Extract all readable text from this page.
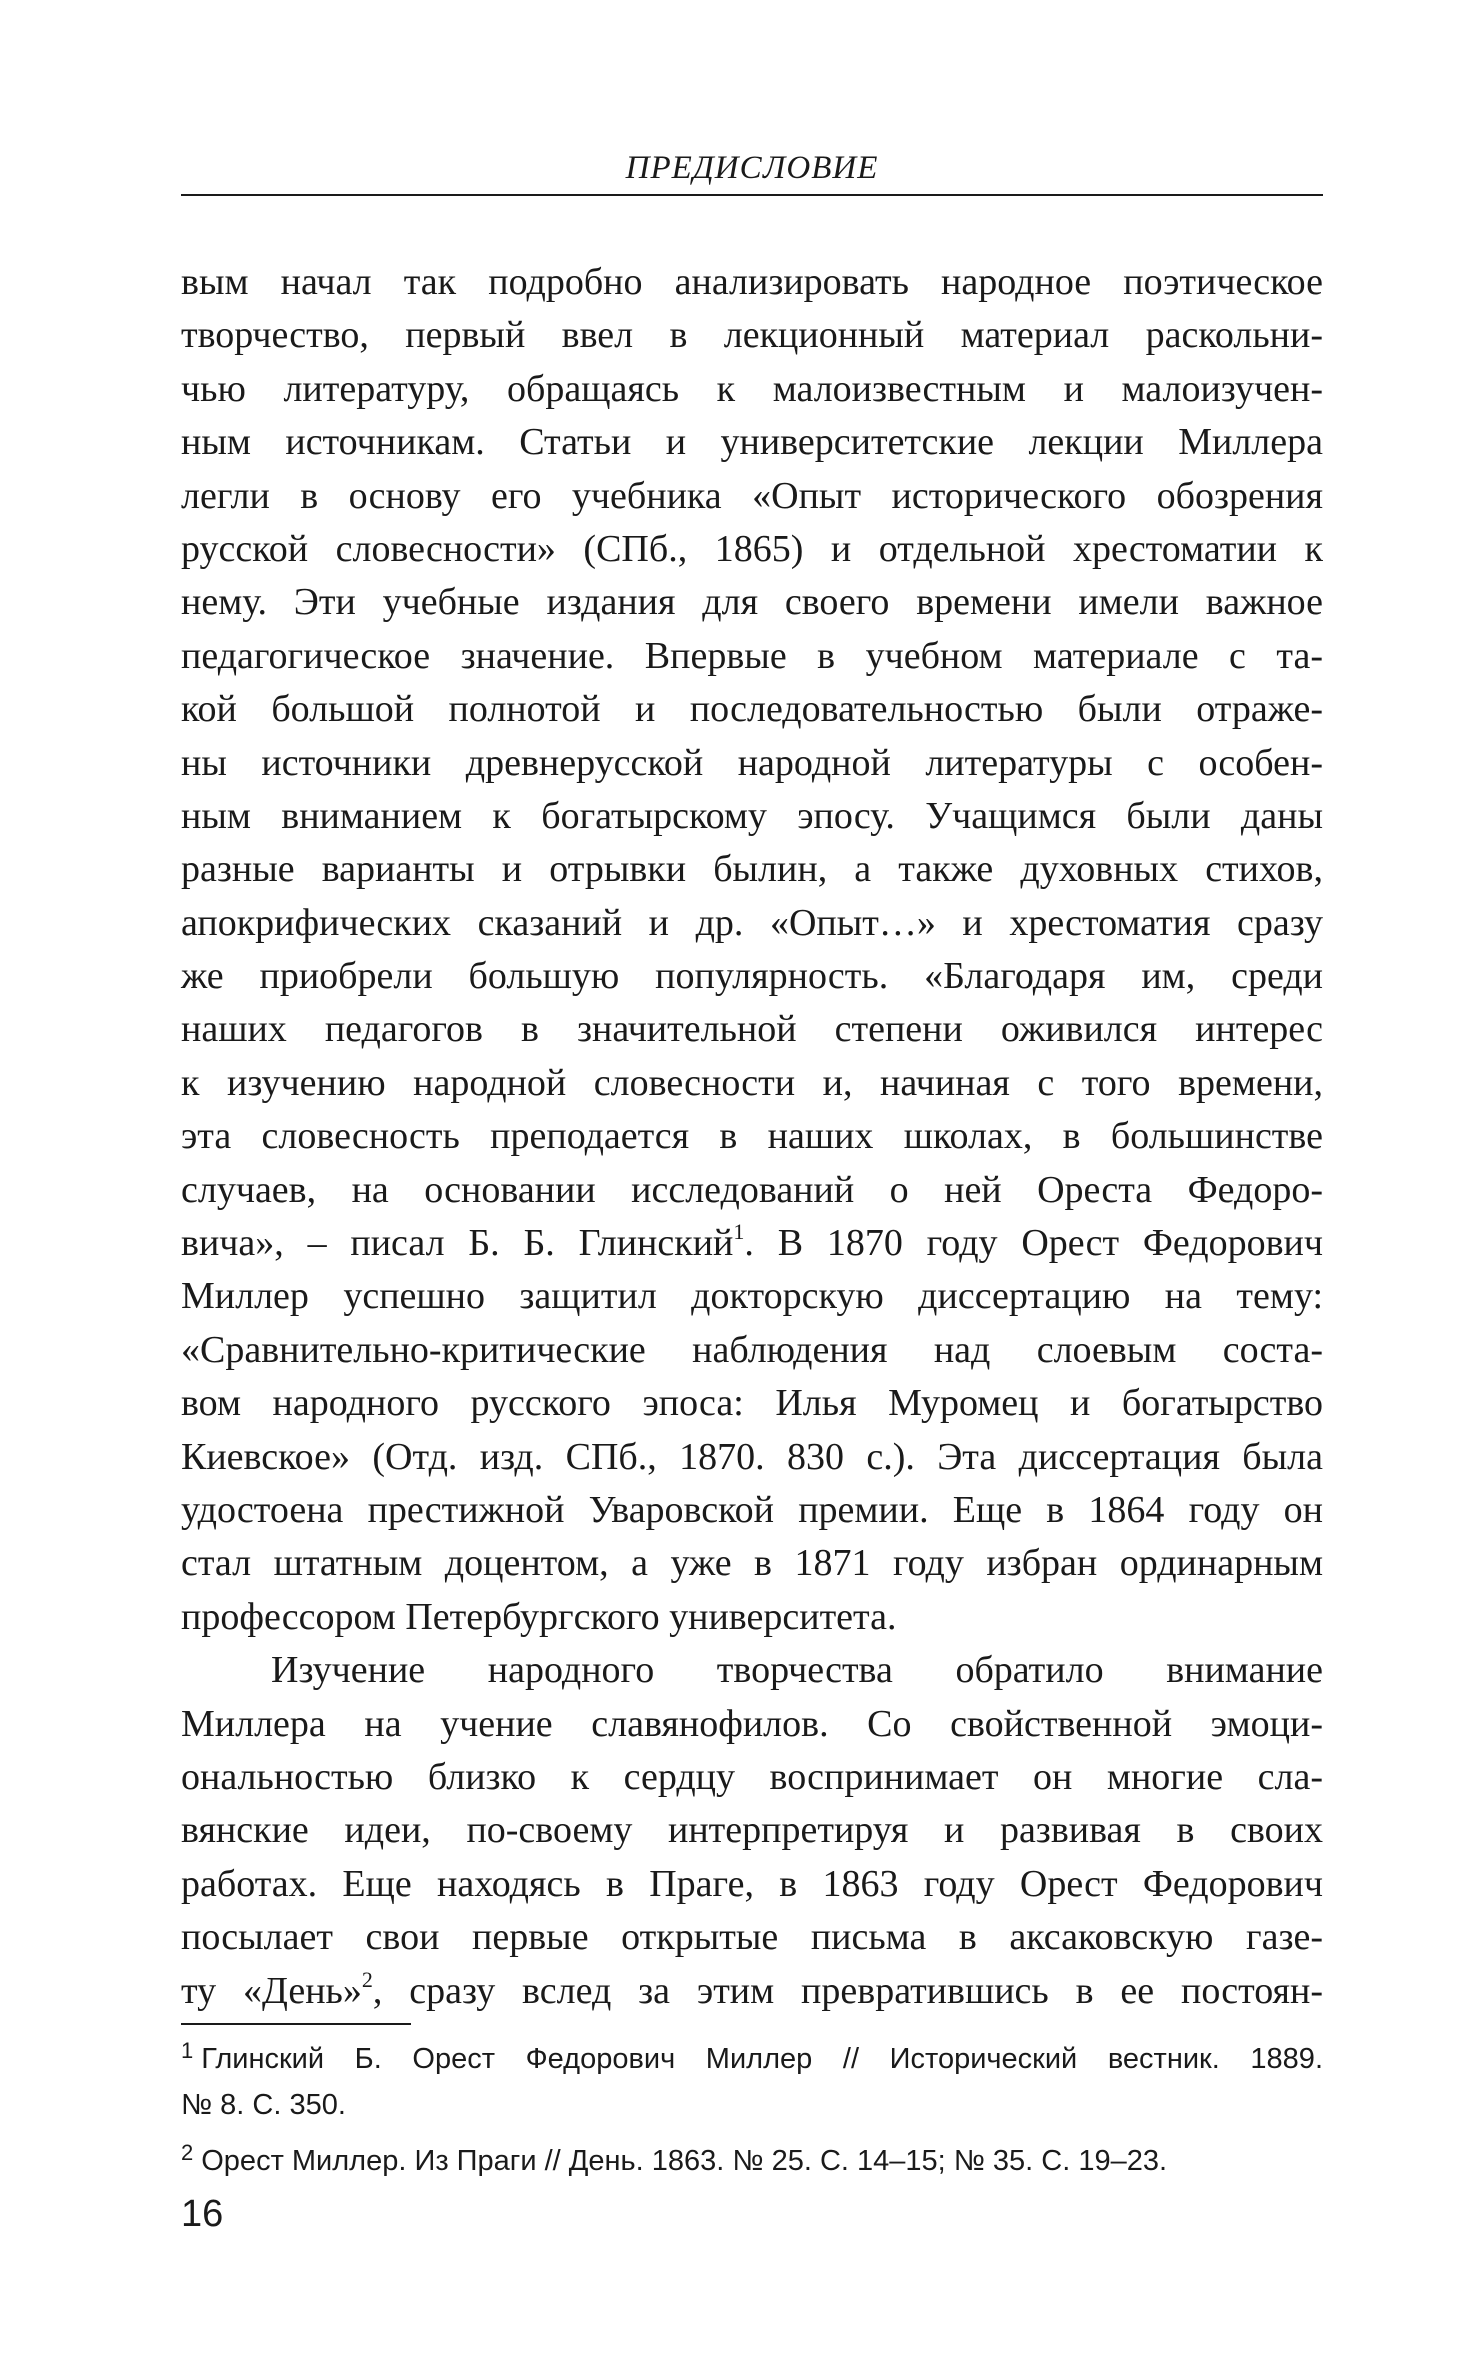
ПРЕДИСЛОВИЕ
вым начал так подробно анализировать народное поэтическое
творчество, первый ввел в лекционный материал раскольни-
чью литературу, обращаясь к малоизвестным и малоизучен-
ным источникам. Статьи и университетские лекции Миллера
легли в основу его учебника «Опыт исторического обозрения
русской словесности» (СПб., 1865) и отдельной хрестоматии к
нему. Эти учебные издания для своего времени имели важное
педагогическое значение. Впервые в учебном материале с та-
кой большой полнотой и последовательностью были отраже-
ны источники древнерусской народной литературы с особен-
ным вниманием к богатырскому эпосу. Учащимся были даны
разные варианты и отрывки былин, а также духовных стихов,
апокрифических сказаний и др. «Опыт…» и хрестоматия сразу
же приобрели большую популярность. «Благодаря им, среди
наших педагогов в значительной степени оживился интерес
к изучению народной словесности и, начиная с того времени,
эта словесность преподается в наших школах, в большинстве
случаев, на основании исследований о ней Ореста Федоро-
вича», – писал Б. Б. Глинский$^1$. В 1870 году Орест Федорович
Миллер успешно защитил докторскую диссертацию на тему:
«Сравнительно-критические наблюдения над слоевым соста-
вом народного русского эпоса: Илья Муромец и богатырство
Киевское» (Отд. изд. СПб., 1870. 830 с.). Эта диссертация была
удостоена престижной Уваровской премии. Еще в 1864 году он
стал штатным доцентом, а уже в 1871 году избран ординарным
профессором Петербургского университета.
Изучение народного творчества обратило внимание
Миллера на учение славянофилов. Со свойственной эмоци-
ональностью близко к сердцу воспринимает он многие сла-
вянские идеи, по-своему интерпретируя и развивая в своих
работах. Еще находясь в Праге, в 1863 году Орест Федорович
посылает свои первые открытые письма в аксаковскую газе-
ту «День»$^2$, сразу вслед за этим превратившись в ее постоян-
$^1$ Глинский Б. Орест Федорович Миллер // Исторический вестник. 1889.
№ 8. С. 350.
$^2$ Орест Миллер. Из Праги // День. 1863. № 25. С. 14–15; № 35. С. 19–23.
16
